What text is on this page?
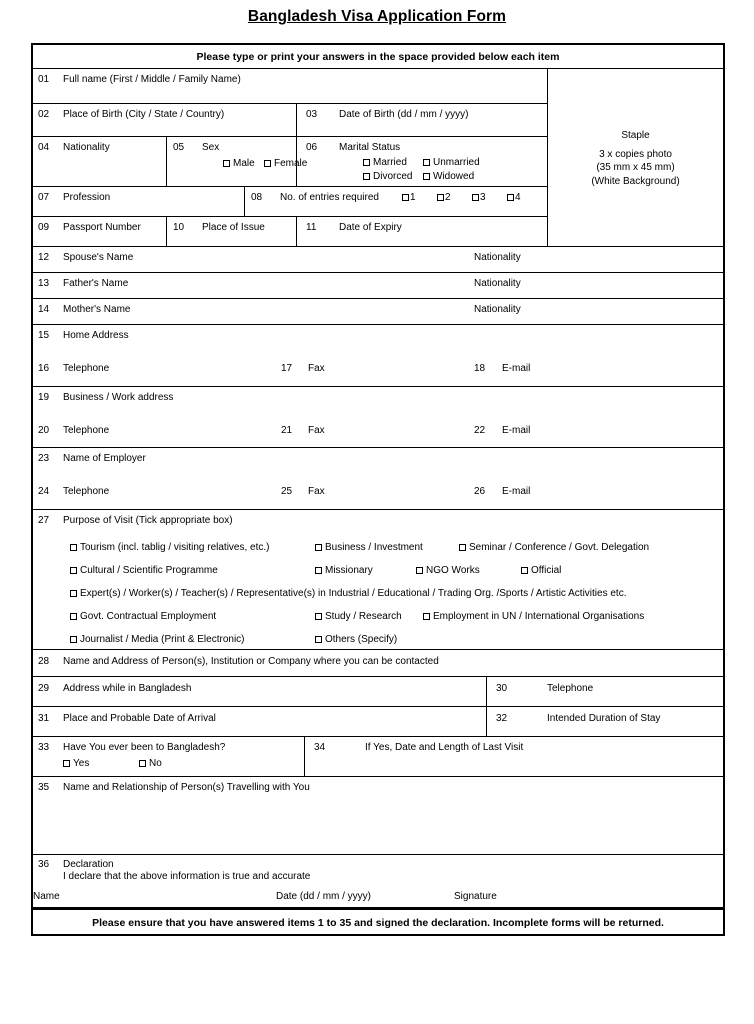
Bangladesh Visa Application Form
Please type or print your answers in the space provided below each item
01 Full name (First / Middle / Family Name)
02 Place of Birth (City / State / Country)	03 Date of Birth (dd / mm / yyyy)
04 Nationality	05 Sex
Male	Female
06 Marital Status
Married	Unmarried
Divorced	Widowed
07 Profession	08 No. of entries required	1	2	3	4
09 Passport Number	10 Place of Issue	11 Date of Expiry
Staple
3 x copies photo
(35 mm x 45 mm)
(White Background)
12 Spouse's Name	Nationality
13 Father's Name	Nationality
14 Mother's Name	Nationality
15 Home Address
16 Telephone	17 Fax	18 E-mail
19 Business / Work address
20 Telephone	21 Fax	22 E-mail
23 Name of Employer
24 Telephone	25 Fax	26 E-mail
27 Purpose of Visit (Tick appropriate box)
Tourism (incl. tablig / visiting relatives, etc.)	Business / Investment	Seminar / Conference / Govt. Delegation
Cultural / Scientific Programme	Missionary	NGO Works	Official
Expert(s) / Worker(s) / Teacher(s) / Representative(s) in Industrial / Educational / Trading Org. /Sports / Artistic Activities etc.
Govt. Contractual Employment	Study / Research	Employment in UN / International Organisations
Journalist / Media (Print & Electronic)	Others (Specify)
28 Name and Address of Person(s), Institution or Company where you can be contacted
29 Address while in Bangladesh	30	Telephone
31 Place and Probable Date of Arrival	32	Intended Duration of Stay
33 Have You ever been to Bangladesh?
Yes	No
34	If Yes, Date and Length of Last Visit
35 Name and Relationship of Person(s) Travelling with You
36 Declaration
I declare that the above information is true and accurate
Name	Date (dd / mm / yyyy)	Signature
Please ensure that you have answered items 1 to 35 and signed the declaration. Incomplete forms will be returned.
